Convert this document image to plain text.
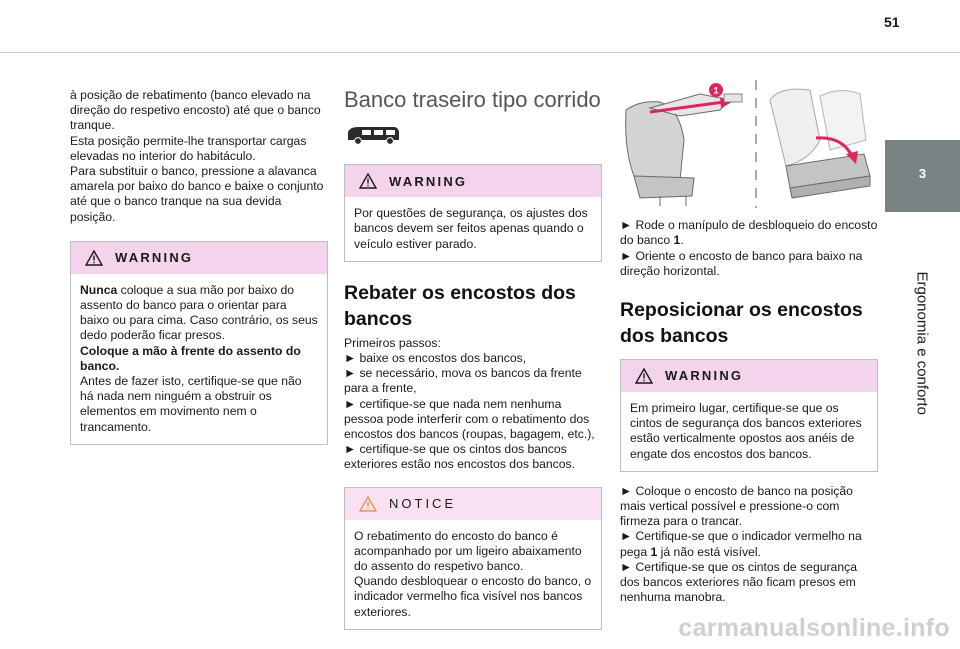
51
3
Ergonomia e conforto

à posição de rebatimento (banco elevado na direção do respetivo encosto) até que o banco tranque.

Esta posição permite-lhe transportar cargas elevadas no interior do habitáculo.

Para substituir o banco, pressione a alavanca amarela por baixo do banco e baixe o conjunto até que o banco tranque na sua devida posição.

WARNING

Nunca coloque a sua mão por baixo do assento do banco para o orientar para baixo ou para cima. Caso contrário, os seus dedo poderão ficar presos.

Coloque a mão à frente do assento do banco.

Antes de fazer isto, certifique-se que não há nada nem ninguém a obstruir os elementos em movimento nem o trancamento.

Banco traseiro tipo corrido
WARNING

Por questões de segurança, os ajustes dos bancos devem ser feitos apenas quando o veículo estiver parado.

Rebater os encostos dos bancos

Primeiros passos:

► baixe os encostos dos bancos,

► se necessário, mova os bancos da frente para a frente,

► certifique-se que nada nem nenhuma pessoa pode interferir com o rebatimento dos encostos dos bancos (roupas, bagagem, etc.),

► certifique-se que os cintos dos bancos exteriores estão nos encostos dos bancos.

NOTICE

O rebatimento do encosto do banco é acompanhado por um ligeiro abaixamento do assento do respetivo banco.

Quando desbloquear o encosto do banco, o indicador vermelho fica visível nos bancos exteriores.

1

► Rode o manípulo de desbloqueio do encosto do banco 1.

► Oriente o encosto de banco para baixo na direção horizontal.

Reposicionar os encostos dos bancos
WARNING

Em primeiro lugar, certifique-se que os cintos de segurança dos bancos exteriores estão verticalmente opostos aos anéis de engate dos encostos dos bancos.

► Coloque o encosto de banco na posição mais vertical possível e pressione-o com firmeza para o trancar.

► Certifique-se que o indicador vermelho na pega 1 já não está visível.

► Certifique-se que os cintos de segurança dos bancos exteriores não ficam presos em nenhuma manobra.

carmanualsonline.info
